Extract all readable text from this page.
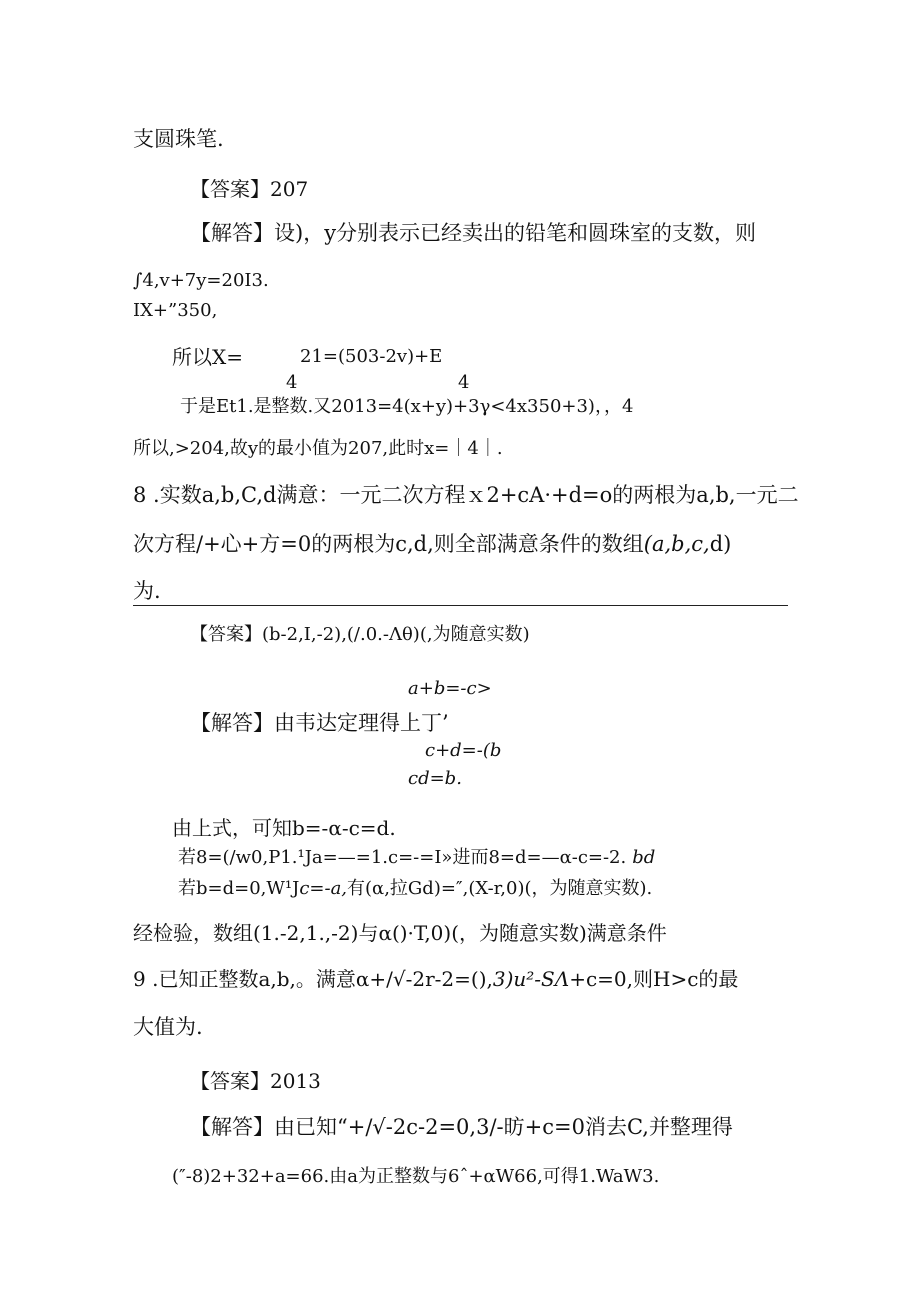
支圆珠笔.
【答案】207
【解答】设)，y分别表示已经卖出的铅笔和圆珠室的支数，则
∫4,v+7y=20I3.
IX+”350,
所以X=	21=(503-2v)+E
4	4
于是Et1.是整数.又2013=4(x+y)+3γ<4x350+3)，，4
所以,>204,故y的最小值为207,此时x=｜4｜.
8 .实数a,b,C,d满意：一元二次方程ｘ2+cA·+d=o的两根为a,b,一元二
次方程/+心+方=0的两根为c,d,则全部满意条件的数组(a,b,c,d)
为.
【答案】(b-2,I,-2),(/.0.-Λθ)(,为随意实数)
a+b=-c>
【解答】由韦达定理得上丁’
c+d=-(b
cd=b.
由上式，可知b=-α-c=d.
若8=(/w0,P1.¹Ja=—=1.c=-=I»进而8=d=—α-c=-2. bd
若b=d=0,W¹Jc=-a,有(α,拉Gd)=″,(X-r,0)(，为随意实数).
经检验，数组(1.-2,1.,-2)与α()·T,0)(，为随意实数)满意条件
9 .已知正整数a,b,。满意α+/√-2r-2=(),3)u²-SΛ+c=0,则H>c的最
大值为.
【答案】2013
【解答】由已知“+/√-2c-2=0,3/-昉+c=0消去C,并整理得
(″-8)2+32+a=66.由a为正整数与6ˆ+αW66,可得1.WaW3.
